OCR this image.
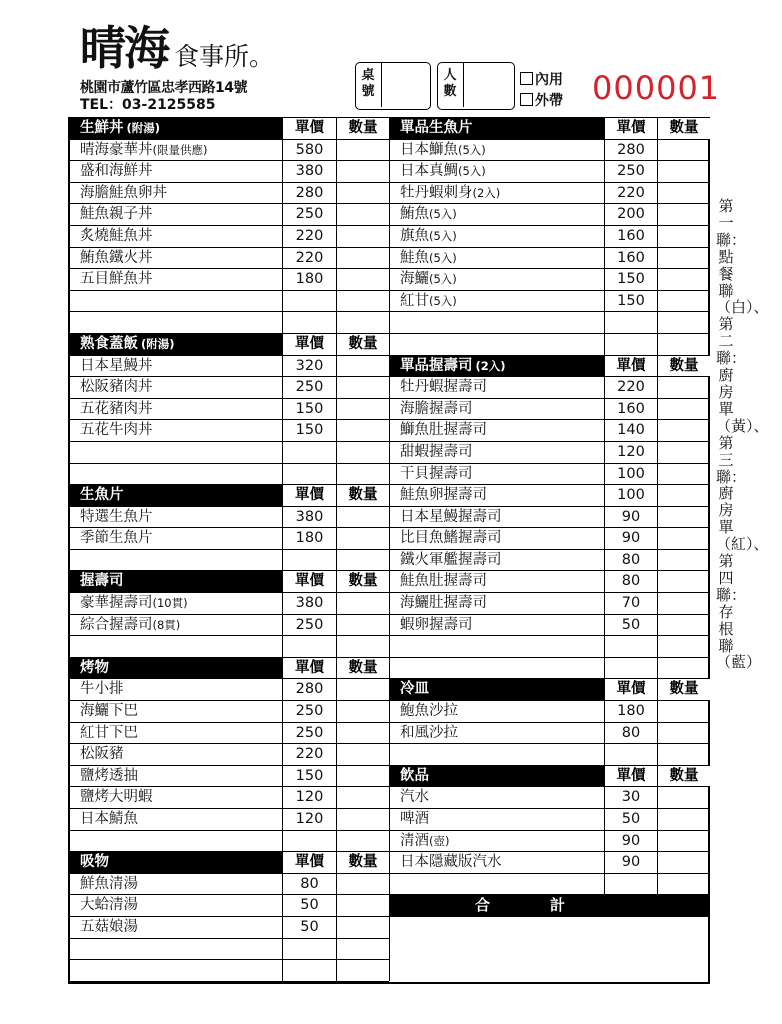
晴海 食事所。
桃園市蘆竹區忠孝西路14號
TEL：03-2125585
桌號
人數
內用
外帶 000001
生鮮丼 (附湯)	單價	數量
晴海豪華丼(限量供應)	580
盛和海鮮丼	380
海膽鮭魚卵丼	280
鮭魚親子丼	250
炙燒鮭魚丼	220
鮪魚鐵火丼	220
五目鮮魚丼	180
熟食蓋飯 (附湯)	單價	數量
日本星鰻丼	320
松阪豬肉丼	250
五花豬肉丼	150
五花牛肉丼	150
生魚片	單價	數量
特選生魚片	380
季節生魚片	180
握壽司	單價	數量
豪華握壽司(10貫)	380
綜合握壽司(8貫)	250
烤物	單價	數量
牛小排	280
海鱺下巴	250
紅甘下巴	250
松阪豬	220
鹽烤透抽	150
鹽烤大明蝦	120
日本鯖魚	120
吸物	單價	數量
鮮魚清湯	80
大蛤清湯	50
五菇娘湯	50
單品生魚片	單價	數量
日本鰤魚(5入)	280
日本真鯛(5入)	250
牡丹蝦刺身(2入)	220
鮪魚(5入)	200
旗魚(5入)	160
鮭魚(5入)	160
海鱺(5入)	150
紅甘(5入)	150
單品握壽司 (2入)	單價	數量
牡丹蝦握壽司	220
海膽握壽司	160
鰤魚肚握壽司	140
甜蝦握壽司	120
干貝握壽司	100
鮭魚卵握壽司	100
日本星鰻握壽司	90
比目魚鰭握壽司	90
鐵火軍艦握壽司	80
鮭魚肚握壽司	80
海鱺肚握壽司	70
蝦卵握壽司	50
冷皿	單價	數量
鮑魚沙拉	180
和風沙拉	80
飲品	單價	數量
汽水	30
啤酒	50
清酒(壺)	90
日本隱藏版汽水	90
合計
第一聯：點餐聯（白）、第二聯：廚房單（黃）、第三聯：廚房單（紅）、第四聯：存根聯（藍）
